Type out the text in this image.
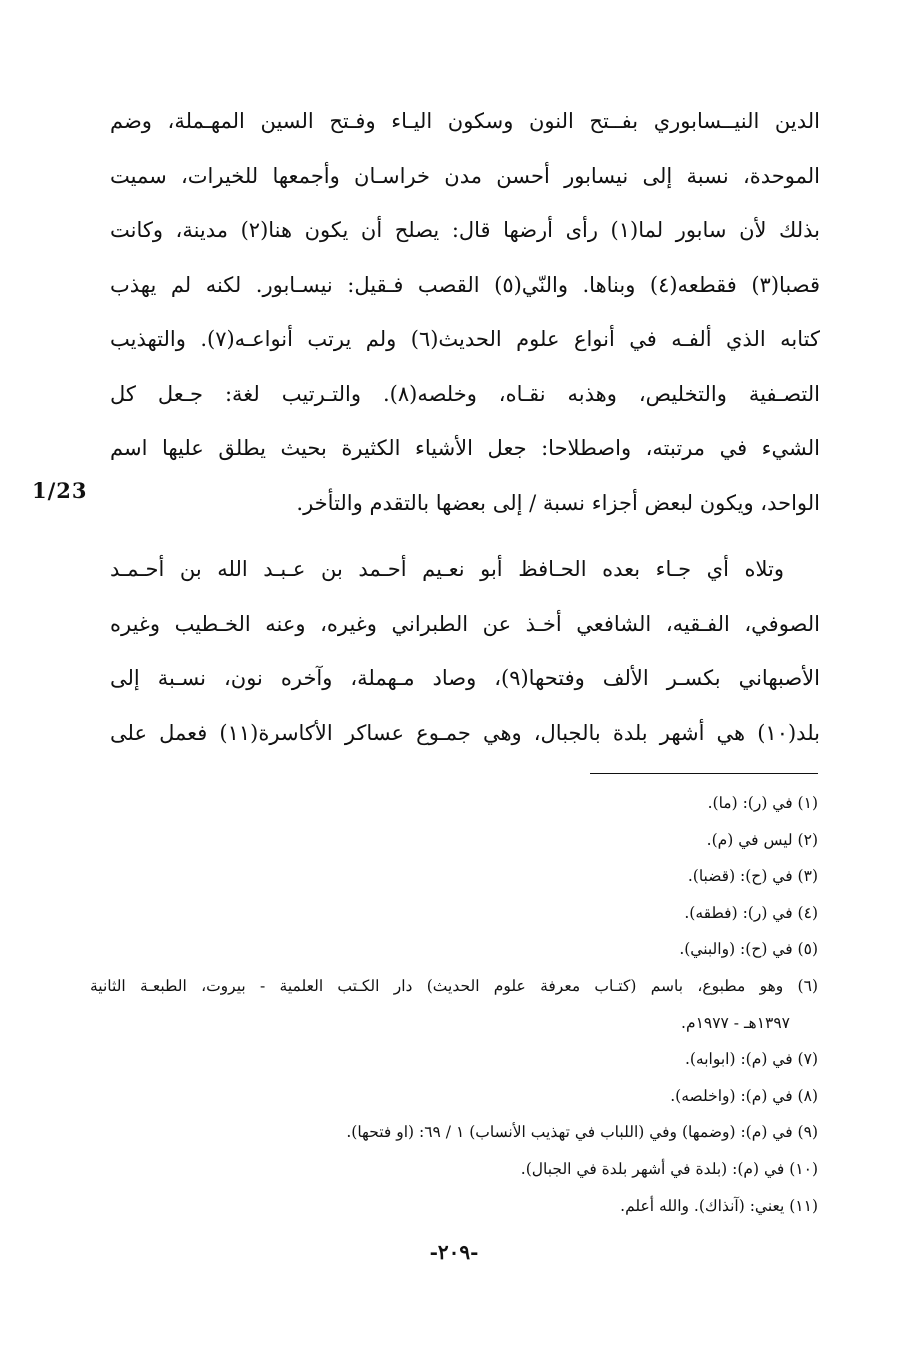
الدين النيــسابوري بفــتح النون وسكون اليـاء وفـتح السين المهـملة، وضم
الموحدة، نسبة إلى نيسابور أحسن مدن خراسـان وأجمعها للخيرات، سميت
بذلك لأن سابور لما(١) رأى أرضها قال: يصلح أن يكون هنا(٢) مدينة، وكانت
قصبا(٣) فقطعه(٤) وبناها. والنّي(٥) القصب فـقيل: نيسـابور. لكنه لم يهذب
كتابه الذي ألفـه في أنواع علوم الحديث(٦) ولم يرتب أنواعـه(٧). والتهذيب
التصـفية والتخليص، وهذبه نقـاه، وخلصه(٨). والتـرتيب لغة: جـعل كل
الشيء في مرتبته، واصطلاحا: جعل الأشياء الكثيرة بحيث يطلق عليها اسم
الواحد، ويكون لبعض أجزاء نسبة / إلى بعضها بالتقدم والتأخر.

وتلاه أي جـاء بعده الحـافظ أبو نعـيم أحـمد بن عـبـد الله بن أحـمـد
الصوفي، الفـقيه، الشافعي أخـذ عن الطبراني وغيره، وعنه الخـطيب وغيره
الأصبهاني بكسـر الألف وفتحها(٩)، وصاد مـهملة، وآخره نون، نسـبة إلى
بلد(١٠) هي أشهر بلدة بالجبال، وهي جمـوع عساكر الأكاسرة(١١) فعمل على

1/23
(١) في (ر): (ما).
(٢) ليس في (م).
(٣) في (ح): (قضبا).
(٤) في (ر): (فطقه).
(٥) في (ح): (والبني).
(٦) وهو مطبوع، باسم (كتـاب معرفة علوم الحديث) دار الكـتب العلمية - بيروت، الطبعـة الثانية
١٣٩٧هـ - ١٩٧٧م.
(٧) في (م): (ابوابه).
(٨) في (م): (واخلصه).
(٩) في (م): (وضمها) وفي (اللباب في تهذيب الأنساب) ١ / ٦٩: (او فتحها).
(١٠) في (م): (بلدة في أشهر بلدة في الجبال).
(١١) يعني: (آنذاك). والله أعلم.
-٢٠٩-
